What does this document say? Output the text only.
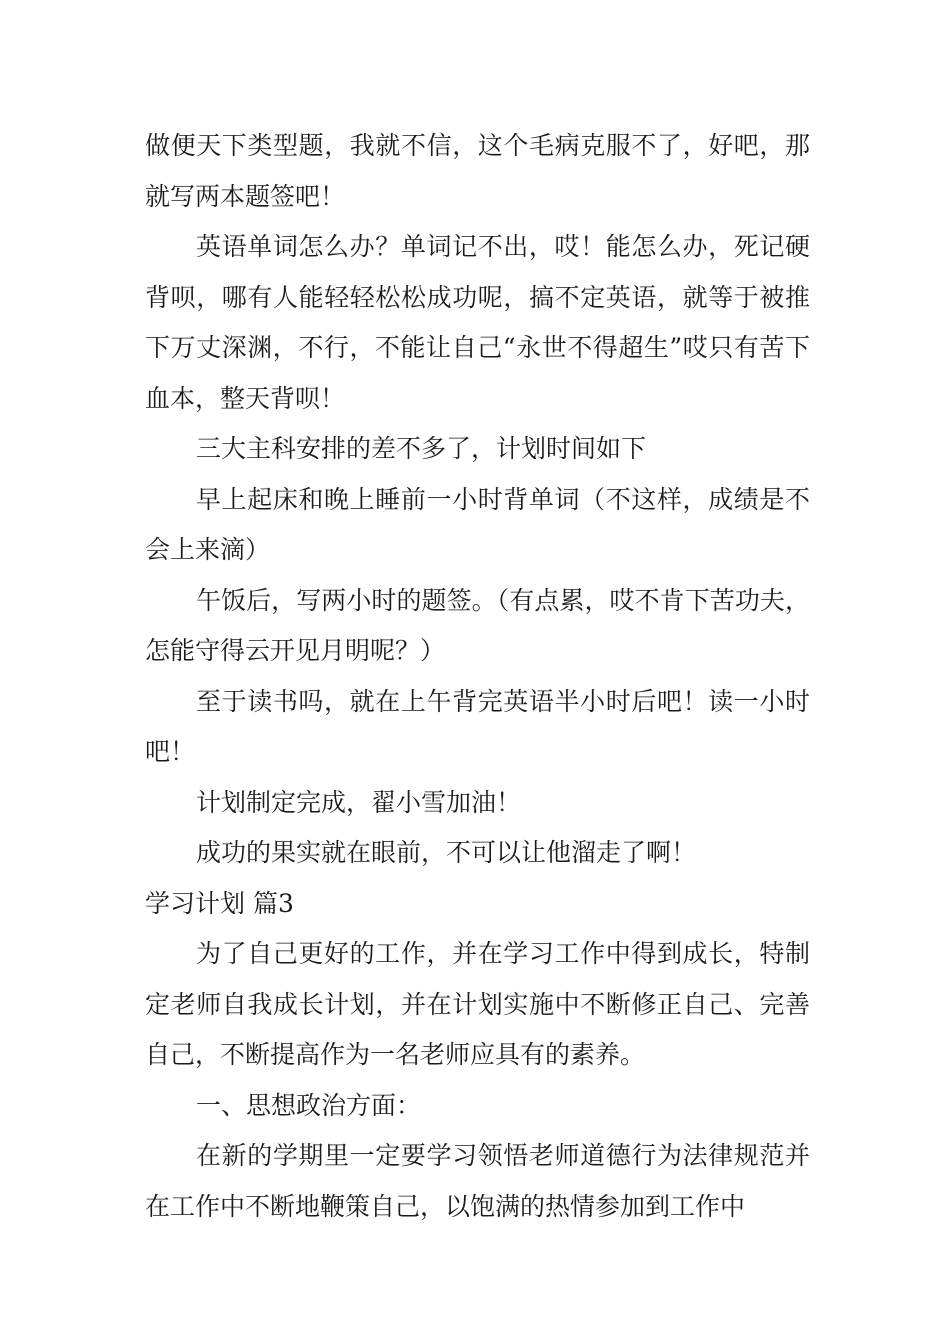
做便天下类型题，我就不信，这个毛病克服不了，好吧，那就写两本题签吧！

英语单词怎么办？单词记不出，哎！能怎么办，死记硬背呗，哪有人能轻轻松松成功呢，搞不定英语，就等于被推下万丈深渊，不行，不能让自己“永世不得超生”哎只有苦下血本，整天背呗！

三大主科安排的差不多了，计划时间如下

早上起床和晚上睡前一小时背单词（不这样，成绩是不会上来滴）

午饭后，写两小时的题签。（有点累，哎不肯下苦功夫，怎能守得云开见月明呢？）

至于读书吗，就在上午背完英语半小时后吧！读一小时吧！

计划制定完成，翟小雪加油！

成功的果实就在眼前，不可以让他溜走了啊！

学习计划 篇3

为了自己更好的工作，并在学习工作中得到成长，特制定老师自我成长计划，并在计划实施中不断修正自己、完善自己，不断提高作为一名老师应具有的素养。

一、思想政治方面：

在新的学期里一定要学习领悟老师道德行为法律规范并在工作中不断地鞭策自己，以饱满的热情参加到工作中
